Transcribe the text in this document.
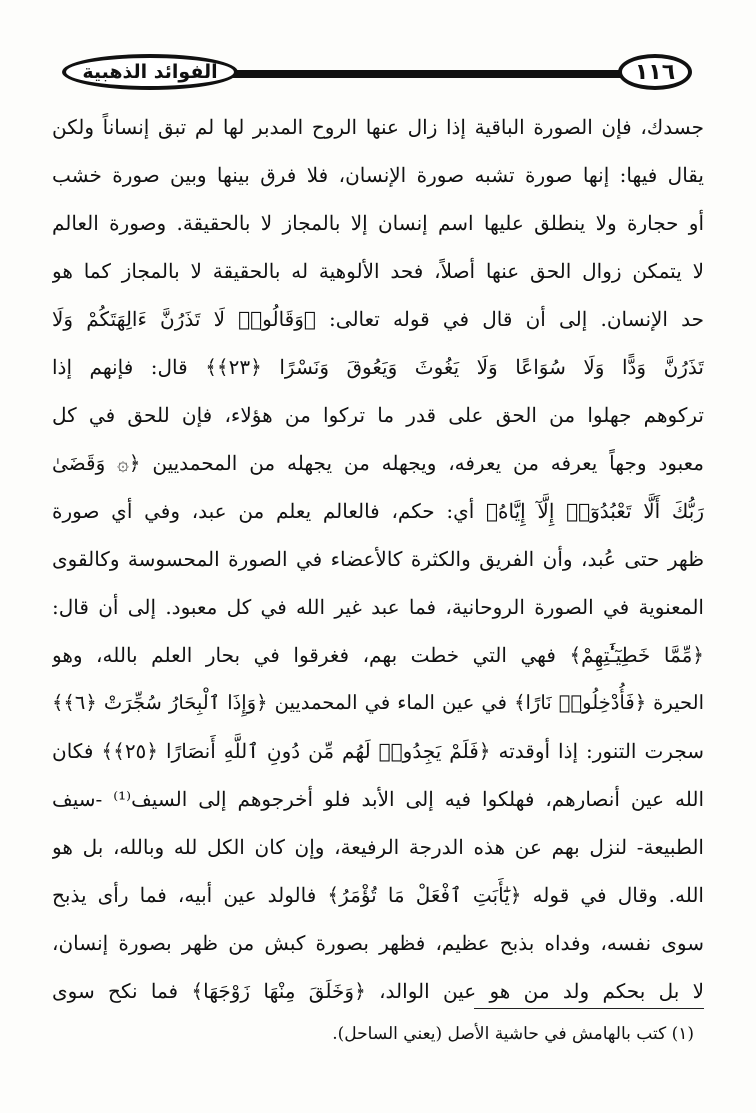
الفوائد الذهبية	١١٦
جسدك، فإن الصورة الباقية إذا زال عنها الروح المدبر لها لم تبق إنساناً ولكن
يقال فيها: إنها صورة تشبه صورة الإنسان، فلا فرق بينها وبين صورة خشب
أو حجارة ولا ينطلق عليها اسم إنسان إلا بالمجاز لا بالحقيقة. وصورة العالم
لا يتمكن زوال الحق عنها أصلاً، فحد الألوهية له بالحقيقة لا بالمجاز كما هو
حد الإنسان. إلى أن قال في قوله تعالى: ﴿وَقَالُوا۟ لَا تَذَرُنَّ ءَالِهَتَكُمْ وَلَا
تَذَرُنَّ وَدًّا وَلَا سُوَاعًا وَلَا يَغُوثَ وَيَعُوقَ وَنَسْرًا ﴿٢٣﴾﴾ قال: فإنهم إذا
تركوهم جهلوا من الحق على قدر ما تركوا من هؤلاء، فإن للحق في كل
معبود وجهاً يعرفه من يعرفه، ويجهله من يجهله من المحمديين ﴿۞ وَقَضَىٰ
رَبُّكَ أَلَّا تَعْبُدُوٓا۟ إِلَّآ إِيَّاهُ﴾ أي: حكم، فالعالم يعلم من عبد، وفي أي صورة
ظهر حتى عُبد، وأن الفريق والكثرة كالأعضاء في الصورة المحسوسة وكالقوى
المعنوية في الصورة الروحانية، فما عبد غير الله في كل معبود. إلى أن قال:
﴿مِّمَّا خَطِيٓـَٰٔتِهِمْ﴾ فهي التي خطت بهم، فغرقوا في بحار العلم بالله، وهو
الحيرة ﴿فَأُدْخِلُوا۟ نَارًا﴾ في عين الماء في المحمديين ﴿وَإِذَا ٱلْبِحَارُ سُجِّرَتْ ﴿٦﴾﴾
سجرت التنور: إذا أوقدته ﴿فَلَمْ يَجِدُوا۟ لَهُم مِّن دُونِ ٱللَّهِ أَنصَارًا ﴿٢٥﴾﴾ فكان
الله عين أنصارهم، فهلكوا فيه إلى الأبد فلو أخرجوهم إلى السيف⁽¹⁾ -سيف
الطبيعة- لنزل بهم عن هذه الدرجة الرفيعة، وإن كان الكل لله وبالله، بل هو
الله. وقال في قوله ﴿يَٰٓأَبَتِ ٱفْعَلْ مَا تُؤْمَرُ﴾ فالولد عين أبيه، فما رأى يذبح
سوى نفسه، وفداه بذبح عظيم، فظهر بصورة كبش من ظهر بصورة إنسان،
لا بل بحكم ولد من هو عين الوالد، ﴿وَخَلَقَ مِنْهَا زَوْجَهَا﴾ فما نكح سوى
(١) كتب بالهامش في حاشية الأصل (يعني الساحل).
